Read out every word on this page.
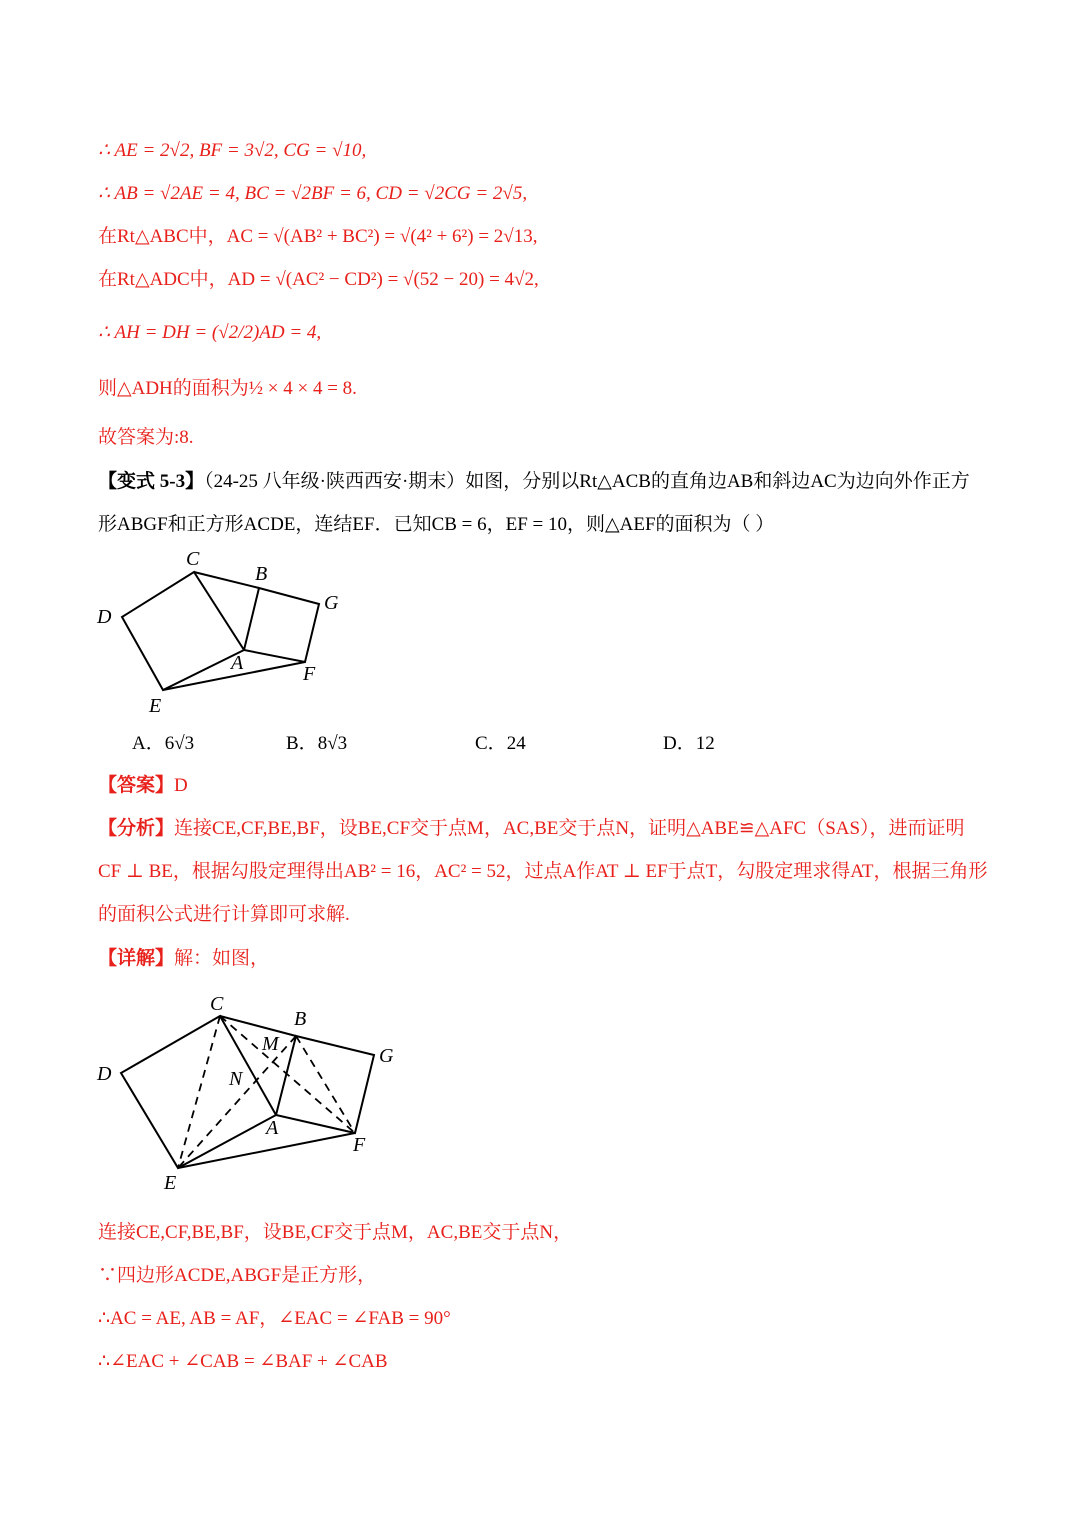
∴ AE = 2√2, BF = 3√2, CG = √10,
∴ AB = √2AE = 4, BC = √2BF = 6, CD = √2CG = 2√5,
在Rt△ABC中，AC = √(AB² + BC²) = √(4² + 6²) = 2√13,
在Rt△ADC中，AD = √(AC² − CD²) = √(52 − 20) = 4√2,
∴ AH = DH = (√2/2)AD = 4,
则△ADH的面积为½ × 4 × 4 = 8.
故答案为:8.
【变式 5-3】（24-25 八年级·陕西西安·期末）如图，分别以Rt△ACB的直角边AB和斜边AC为边向外作正方
形ABGF和正方形ACDE，连结EF．已知CB = 6，EF = 10，则△AEF的面积为（ ）
C
B
D
G
A	F
E
A．6√3	B．8√3	C．24	D．12
【答案】D
【分析】连接CE,CF,BE,BF，设BE,CF交于点M，AC,BE交于点N，证明△ABE≌△AFC（SAS），进而证明
CF ⊥ BE，根据勾股定理得出AB² = 16，AC² = 52，过点A作AT ⊥ EF于点T，勾股定理求得AT，根据三角形
的面积公式进行计算即可求解.
【详解】解：如图，
C
B
M
D
G
N
A
F
E
连接CE,CF,BE,BF，设BE,CF交于点M，AC,BE交于点N，
∵四边形ACDE,ABGF是正方形，
∴AC = AE, AB = AF，∠EAC = ∠FAB = 90°
∴∠EAC + ∠CAB = ∠BAF + ∠CAB
